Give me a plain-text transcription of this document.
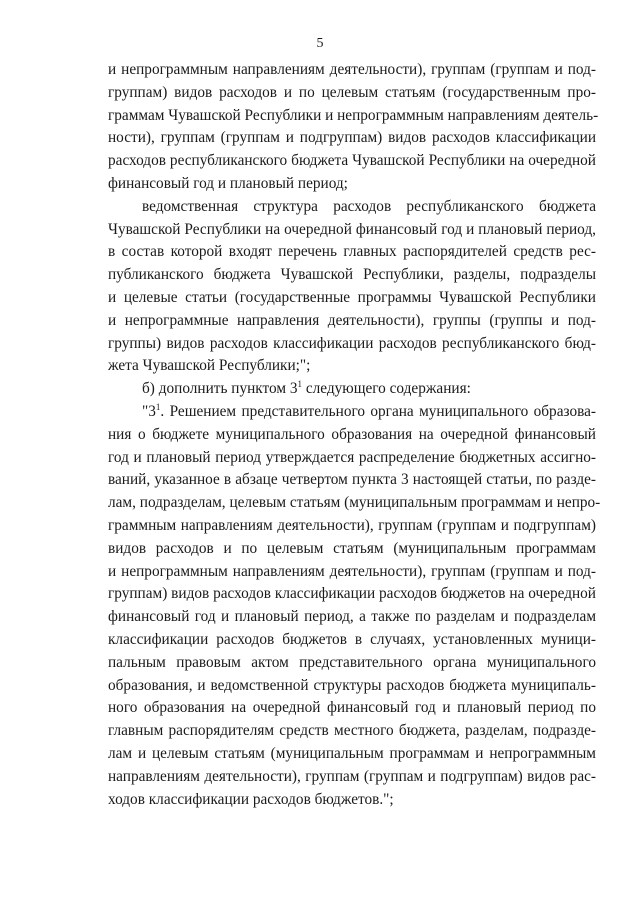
5
и непрограммным направлениям деятельности), группам (группам и под-
группам) видов расходов и по целевым статьям (государственным про-
граммам Чувашской Республики и непрограммным направлениям деятель-
ности), группам (группам и подгруппам) видов расходов классификации
расходов республиканского бюджета Чувашской Республики на очередной
финансовый год и плановый период;
ведомственная структура расходов республиканского бюджета
Чувашской Республики на очередной финансовый год и плановый период,
в состав которой входят перечень главных распорядителей средств рес-
публиканского бюджета Чувашской Республики, разделы, подразделы
и целевые статьи (государственные программы Чувашской Республики
и непрограммные направления деятельности), группы (группы и под-
группы) видов расходов классификации расходов республиканского бюд-
жета Чувашской Республики;";
б) дополнить пунктом $3^1$ следующего содержания:
"$3^1$. Решением представительного органа муниципального образова-
ния о бюджете муниципального образования на очередной финансовый
год и плановый период утверждается распределение бюджетных ассигно-
ваний, указанное в абзаце четвертом пункта 3 настоящей статьи, по разде-
лам, подразделам, целевым статьям (муниципальным программам и непро-
граммным направлениям деятельности), группам (группам и подгруппам)
видов расходов и по целевым статьям (муниципальным программам
и непрограммным направлениям деятельности), группам (группам и под-
группам) видов расходов классификации расходов бюджетов на очередной
финансовый год и плановый период, а также по разделам и подразделам
классификации расходов бюджетов в случаях, установленных муници-
пальным правовым актом представительного органа муниципального
образования, и ведомственной структуры расходов бюджета муниципаль-
ного образования на очередной финансовый год и плановый период по
главным распорядителям средств местного бюджета, разделам, подразде-
лам и целевым статьям (муниципальным программам и непрограммным
направлениям деятельности), группам (группам и подгруппам) видов рас-
ходов классификации расходов бюджетов.";
